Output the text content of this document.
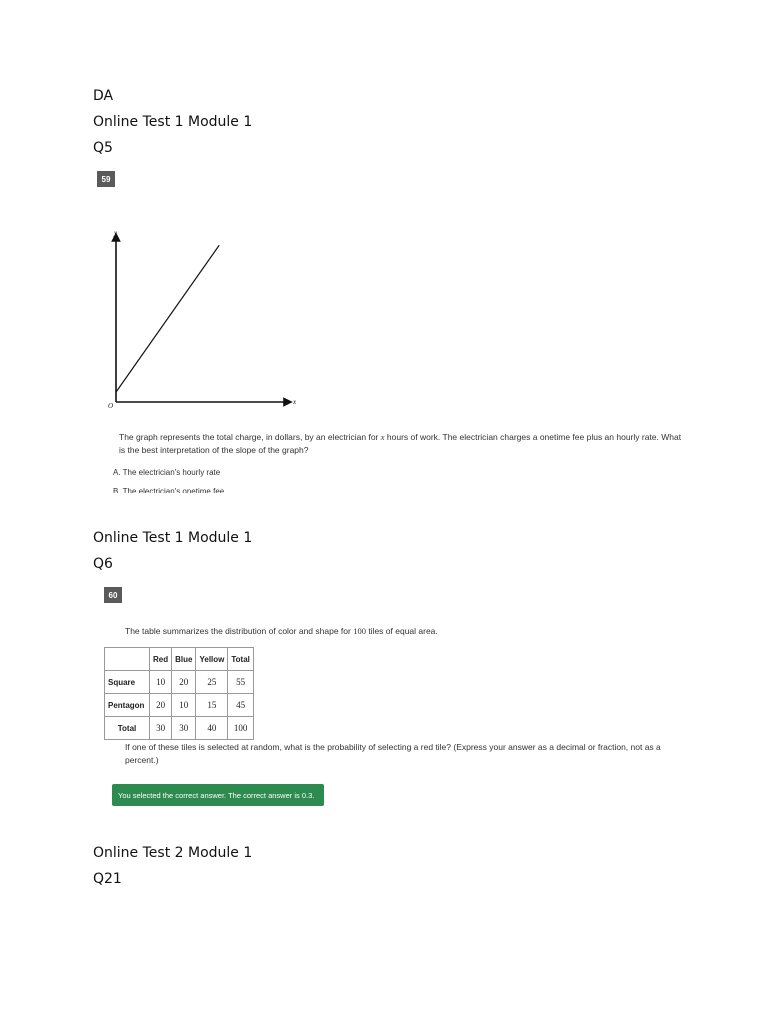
DA
Online Test 1 Module 1
Q5
59
y
x
O
The graph represents the total charge, in dollars, by an electrician for x hours of work. The electrician charges a onetime fee plus an hourly rate. What is the best interpretation of the slope of the graph?
A. The electrician's hourly rate
B. The electrician's onetime fee
Online Test 1 Module 1
Q6
60
The table summarizes the distribution of color and shape for 100 tiles of equal area.
	Red	Blue	Yellow	Total
Square	10	20	25	55
Pentagon	20	10	15	45
Total	30	30	40	100
If one of these tiles is selected at random, what is the probability of selecting a red tile? (Express your answer as a decimal or fraction, not as a percent.)
You selected the correct answer. The correct answer is 0.3.
Online Test 2 Module 1
Q21
